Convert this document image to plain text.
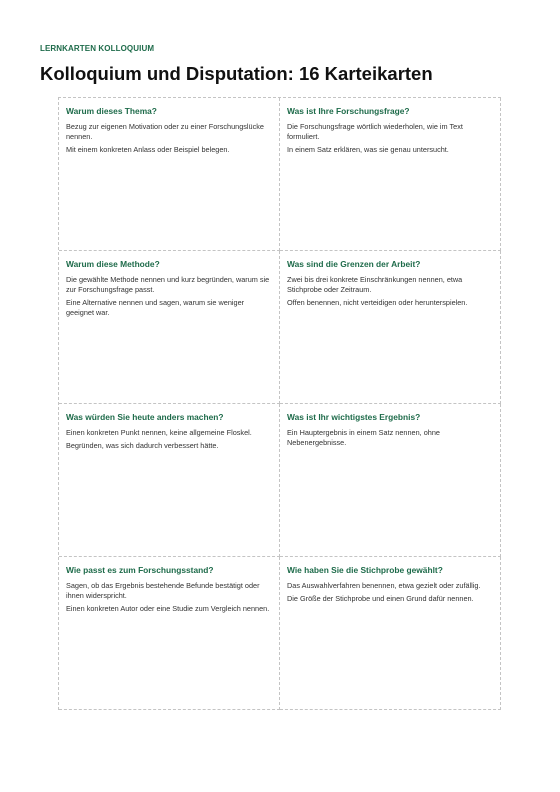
LERNKARTEN KOLLOQUIUM
Kolloquium und Disputation: 16 Karteikarten
Warum dieses Thema?
Bezug zur eigenen Motivation oder zu einer Forschungslücke nennen.
Mit einem konkreten Anlass oder Beispiel belegen.
Was ist Ihre Forschungsfrage?
Die Forschungsfrage wörtlich wiederholen, wie im Text formuliert.
In einem Satz erklären, was sie genau untersucht.
Warum diese Methode?
Die gewählte Methode nennen und kurz begründen, warum sie zur Forschungsfrage passt.
Eine Alternative nennen und sagen, warum sie weniger geeignet war.
Was sind die Grenzen der Arbeit?
Zwei bis drei konkrete Einschränkungen nennen, etwa Stichprobe oder Zeitraum.
Offen benennen, nicht verteidigen oder herunterspielen.
Was würden Sie heute anders machen?
Einen konkreten Punkt nennen, keine allgemeine Floskel.
Begründen, was sich dadurch verbessert hätte.
Was ist Ihr wichtigstes Ergebnis?
Ein Hauptergebnis in einem Satz nennen, ohne Nebenergebnisse.
Wie passt es zum Forschungsstand?
Sagen, ob das Ergebnis bestehende Befunde bestätigt oder ihnen widerspricht.
Einen konkreten Autor oder eine Studie zum Vergleich nennen.
Wie haben Sie die Stichprobe gewählt?
Das Auswahlverfahren benennen, etwa gezielt oder zufällig.
Die Größe der Stichprobe und einen Grund dafür nennen.
